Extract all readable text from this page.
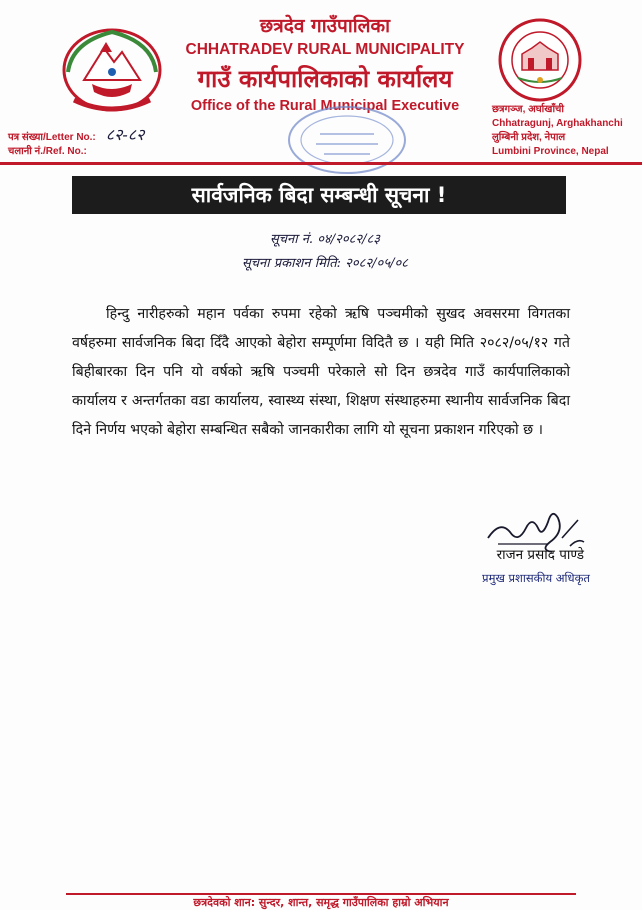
छत्रदेव गाउँपालिका
CHHATRADEV RURAL MUNICIPALITY
गाउँ कार्यपालिकाको कार्यालय
Office of the Rural Municipal Executive	छत्रगञ्ज, अर्घाखाँची
Chhatragunj, Arghakhanchi
लुम्बिनी प्रदेश, नेपाल
Lumbini Province, Nepal
पत्र संख्या/Letter No.: ८२-८२
चलानी नं./Ref. No.:
सार्वजनिक बिदा सम्बन्धी सूचना !
सूचना नं. ०४/२०८२/८३
सूचना प्रकाशन मिति: २०८२/०५/०८
हिन्दु नारीहरुको महान पर्वका रुपमा रहेको ऋषि पञ्चमीको सुखद अवसरमा विगतका वर्षहरुमा सार्वजनिक बिदा दिँदै आएको बेहोरा सम्पूर्णमा विदितै छ । यही मिति २०८२/०५/१२ गते बिहीबारका दिन पनि यो वर्षको ऋषि पञ्चमी परेकाले सो दिन छत्रदेव गाउँ कार्यपालिकाको कार्यालय र अन्तर्गतका वडा कार्यालय, स्वास्थ्य संस्था, शिक्षण संस्थाहरुमा स्थानीय सार्वजनिक बिदा दिने निर्णय भएको बेहोरा सम्बन्धित सबैको जानकारीका लागि यो सूचना प्रकाशन गरिएको छ ।
राजन प्रसाद पाण्डे
प्रमुख प्रशासकीय अधिकृत
छत्रदेवको शान: सुन्दर, शान्त, समृद्ध गाउँपालिका हाम्रो अभियान
